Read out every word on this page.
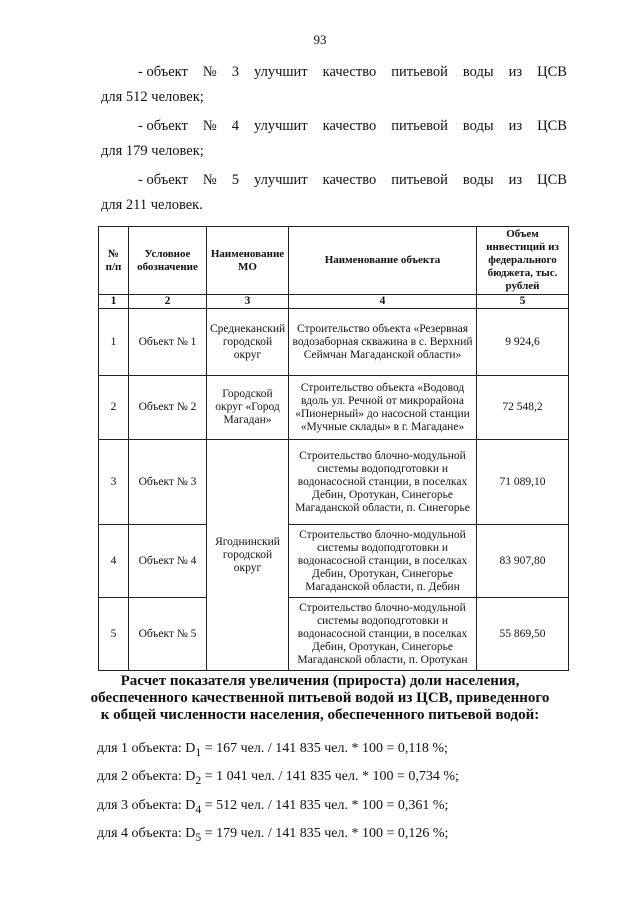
93
- объект № 3 улучшит качество питьевой воды из ЦСВ
для 512 человек;
- объект № 4 улучшит качество питьевой воды из ЦСВ
для 179 человек;
- объект № 5 улучшит качество питьевой воды из ЦСВ
для 211 человек.
№ п/п	Условное обозначение	Наименование МО	Наименование объекта	Объем инвестиций из федерального бюджета, тыс. рублей
1	2	3	4	5
1	Объект № 1	Среднеканский городской округ	Строительство объекта «Резервная водозаборная скважина в с. Верхний Сеймчан Магаданской области»	9 924,6
2	Объект № 2	Городской округ «Город Магадан»	Строительство объекта «Водовод вдоль ул. Речной от микрорайона «Пионерный» до насосной станции «Мучные склады» в г. Магадане»	72 548,2
3	Объект № 3	Ягоднинский городской округ	Строительство блочно-модульной системы водоподготовки и водонасосной станции, в поселках Дебин, Оротукан, Синегорье Магаданской области, п. Синегорье	71 089,10
4	Объект № 4		Строительство блочно-модульной системы водоподготовки и водонасосной станции, в поселках Дебин, Оротукан, Синегорье Магаданской области, п. Дебин	83 907,80
5	Объект № 5		Строительство блочно-модульной системы водоподготовки и водонасосной станции, в поселках Дебин, Оротукан, Синегорье Магаданской области, п. Оротукан	55 869,50
Расчет показателя увеличения (прироста) доли населения,
обеспеченного качественной питьевой водой из ЦСВ, приведенного
к общей численности населения, обеспеченного питьевой водой:
для 1 объекта: $D_1 = 167$ чел. / 141 835 чел. * 100 = 0,118 %;
для 2 объекта: $D_2 = 1$ 041 чел. / 141 835 чел. * 100 = 0,734 %;
для 3 объекта: $D_4 = 512$ чел. / 141 835 чел. * 100 = 0,361 %;
для 4 объекта: $D_5 = 179$ чел. / 141 835 чел. * 100 = 0,126 %;
